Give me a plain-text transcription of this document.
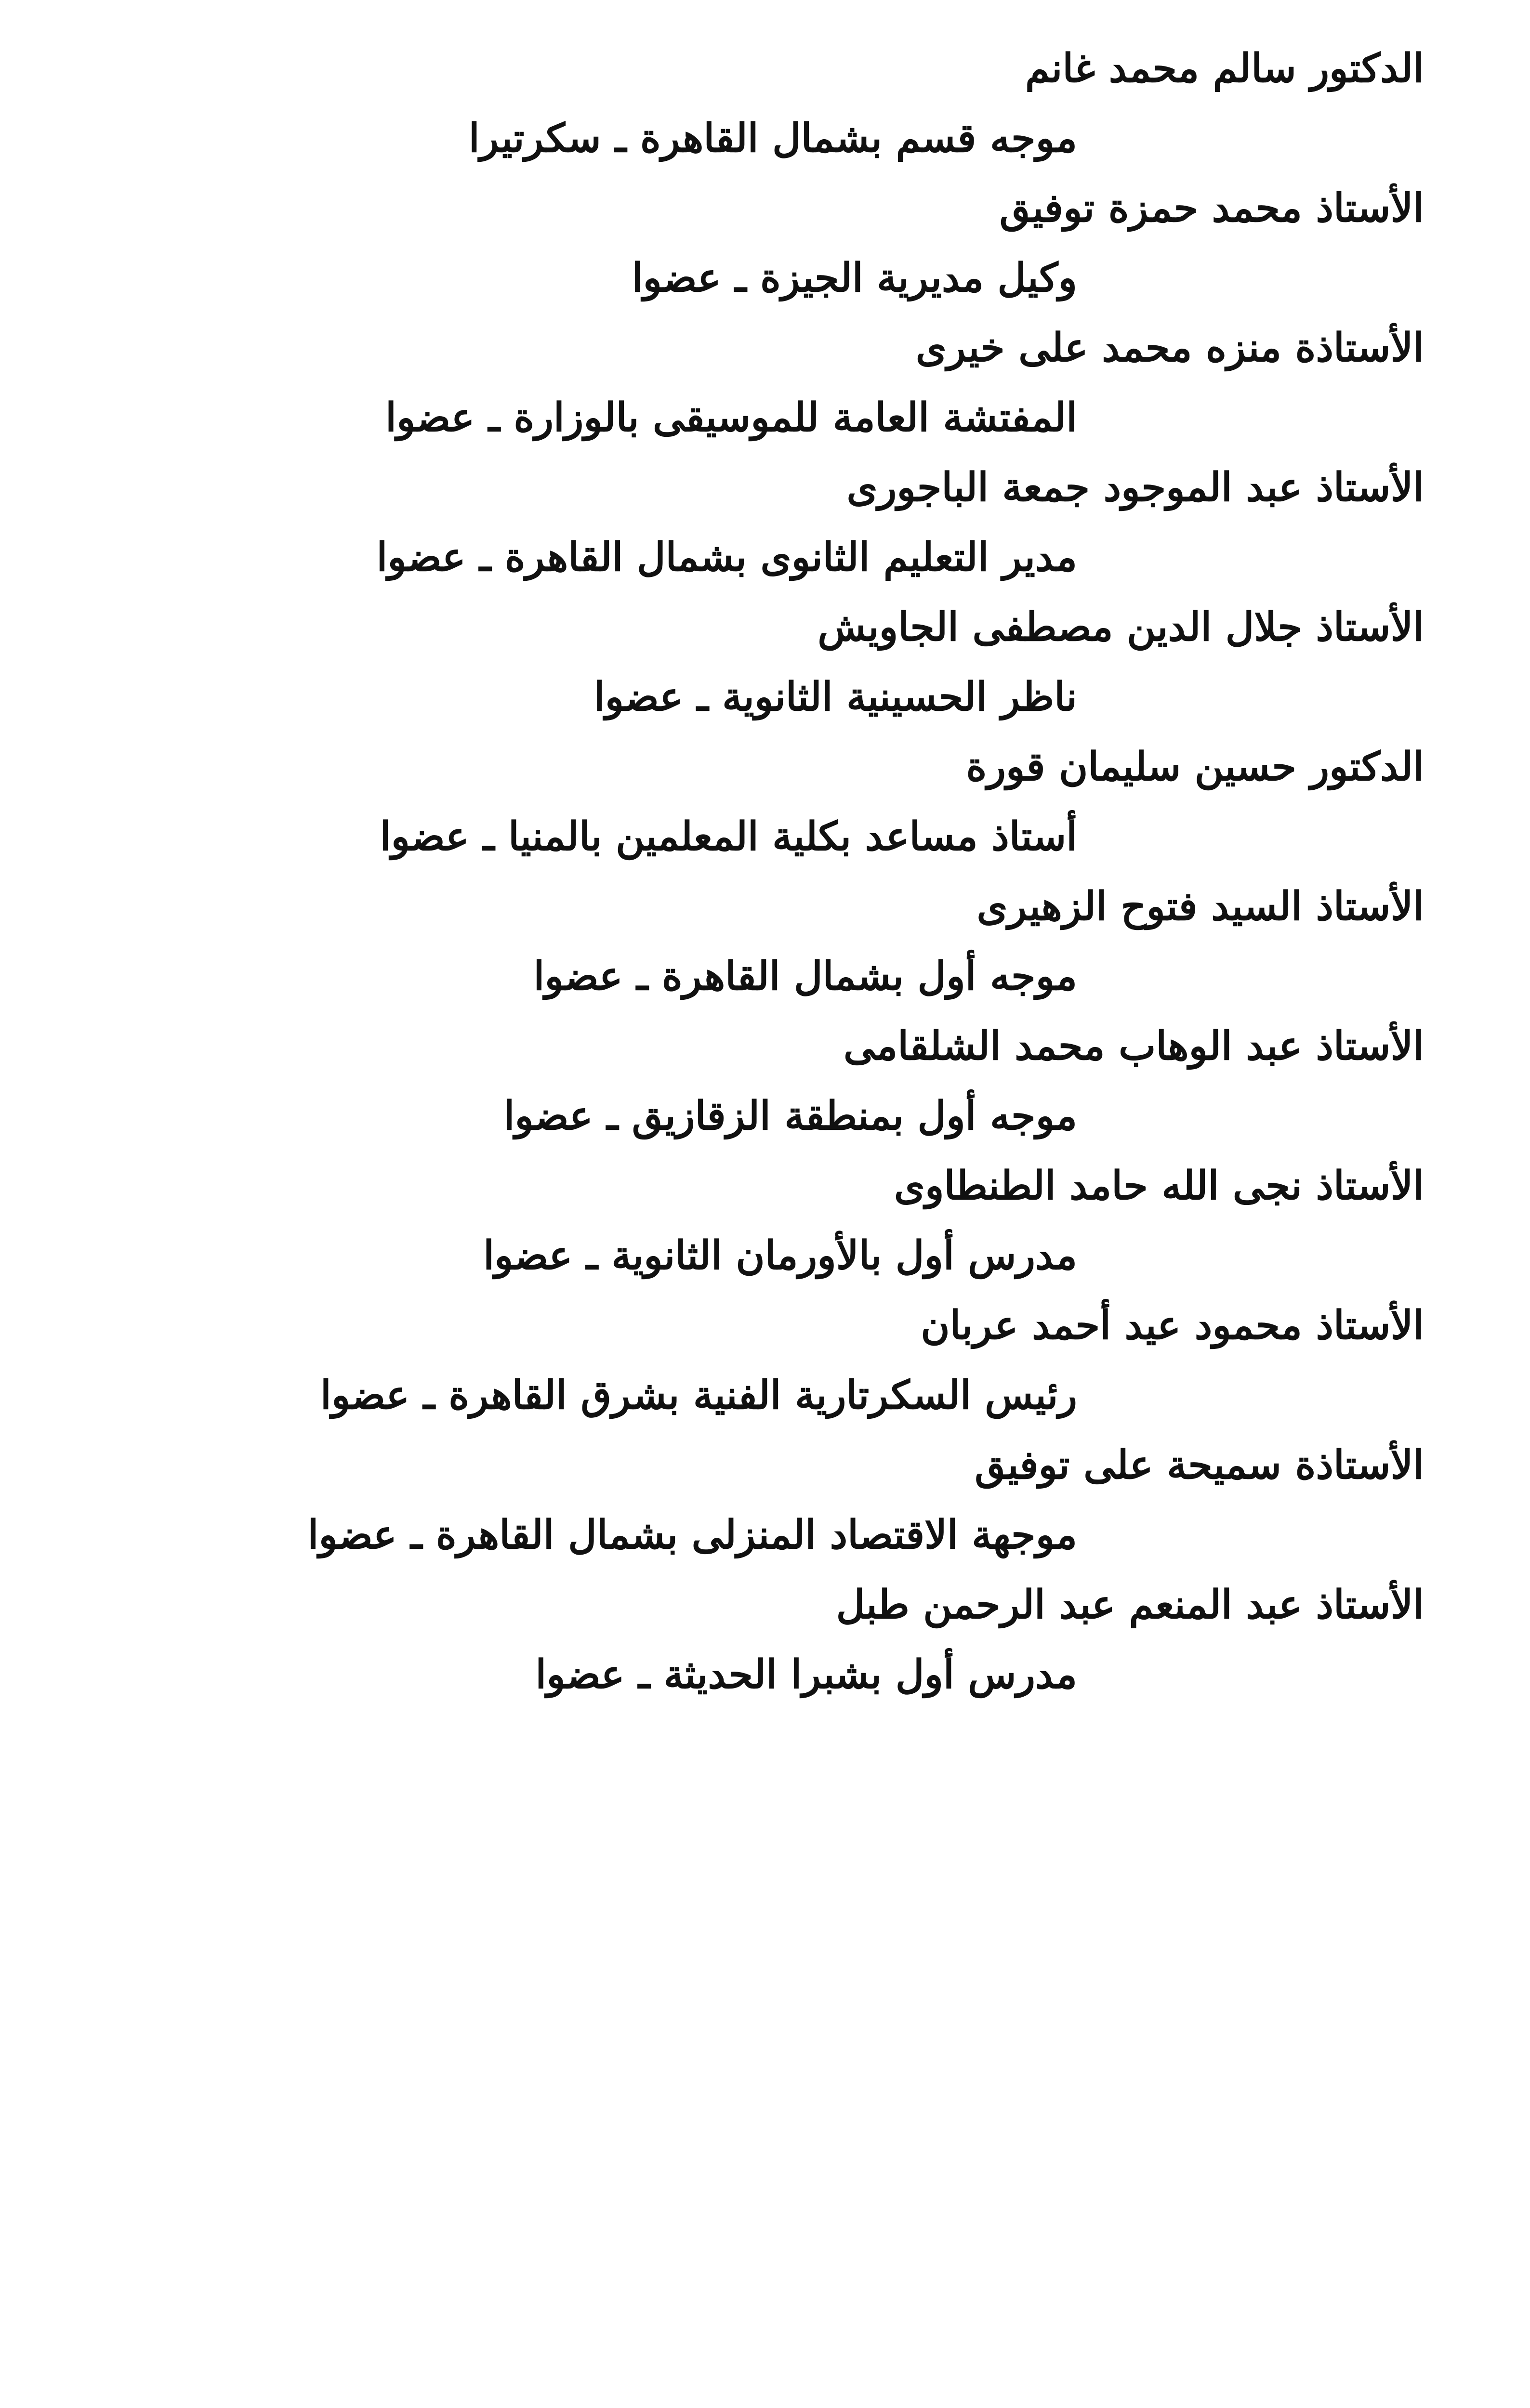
الدكتور سالم محمد غانم
موجه قسم بشمال القاهرة ـ سكرتيرا
الأستاذ محمد حمزة توفيق
وكيل مديرية الجيزة ـ عضوا
الأستاذة منزه محمد على خيرى
المفتشة العامة للموسيقى بالوزارة ـ عضوا
الأستاذ عبد الموجود جمعة الباجورى
مدير التعليم الثانوى بشمال القاهرة ـ عضوا
الأستاذ جلال الدين مصطفى الجاويش
ناظر الحسينية الثانوية ـ عضوا
الدكتور حسين سليمان قورة
أستاذ مساعد بكلية المعلمين بالمنيا ـ عضوا
الأستاذ السيد فتوح الزهيرى
موجه أول بشمال القاهرة ـ عضوا
الأستاذ عبد الوهاب محمد الشلقامى
موجه أول بمنطقة الزقازيق ـ عضوا
الأستاذ نجى الله حامد الطنطاوى
مدرس أول بالأورمان الثانوية ـ عضوا
الأستاذ محمود عيد أحمد عربان
رئيس السكرتارية الفنية بشرق القاهرة ـ عضوا
الأستاذة سميحة على توفيق
موجهة الاقتصاد المنزلى بشمال القاهرة ـ عضوا
الأستاذ عبد المنعم عبد الرحمن طبل
مدرس أول بشبرا الحديثة ـ عضوا
